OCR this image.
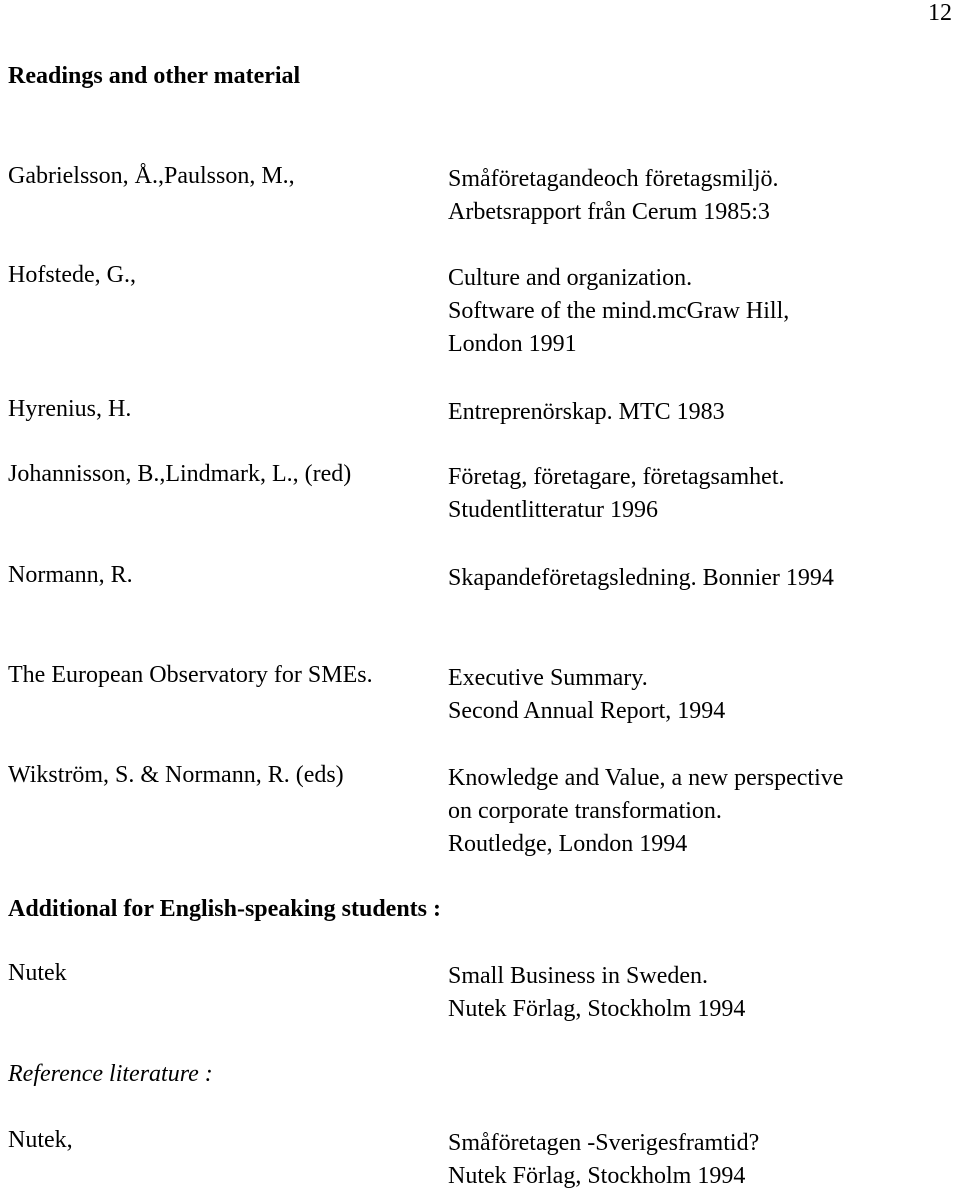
12
Readings and other material
Gabrielsson, Å.,Paulsson, M.,	Småföretagandeoch företagsmiljö.
Arbetsrapport från Cerum 1985:3
Hofstede, G.,	Culture and organization.
Software of the mind.mcGraw Hill,
London 1991
Hyrenius, H.	Entreprenörskap. MTC 1983
Johannisson, B.,Lindmark, L., (red)	Företag, företagare, företagsamhet.
Studentlitteratur 1996
Normann, R.	Skapandeföretagsledning. Bonnier 1994
The European Observatory for SMEs.	Executive Summary.
Second Annual Report, 1994
Wikström, S. & Normann, R. (eds)	Knowledge and Value, a new perspective
on corporate transformation.
Routledge, London 1994
Additional for English-speaking students :
Nutek	Small Business in Sweden.
Nutek Förlag, Stockholm 1994
Reference literature :
Nutek,	Småföretagen -Sverigesframtid?
Nutek Förlag, Stockholm 1994
